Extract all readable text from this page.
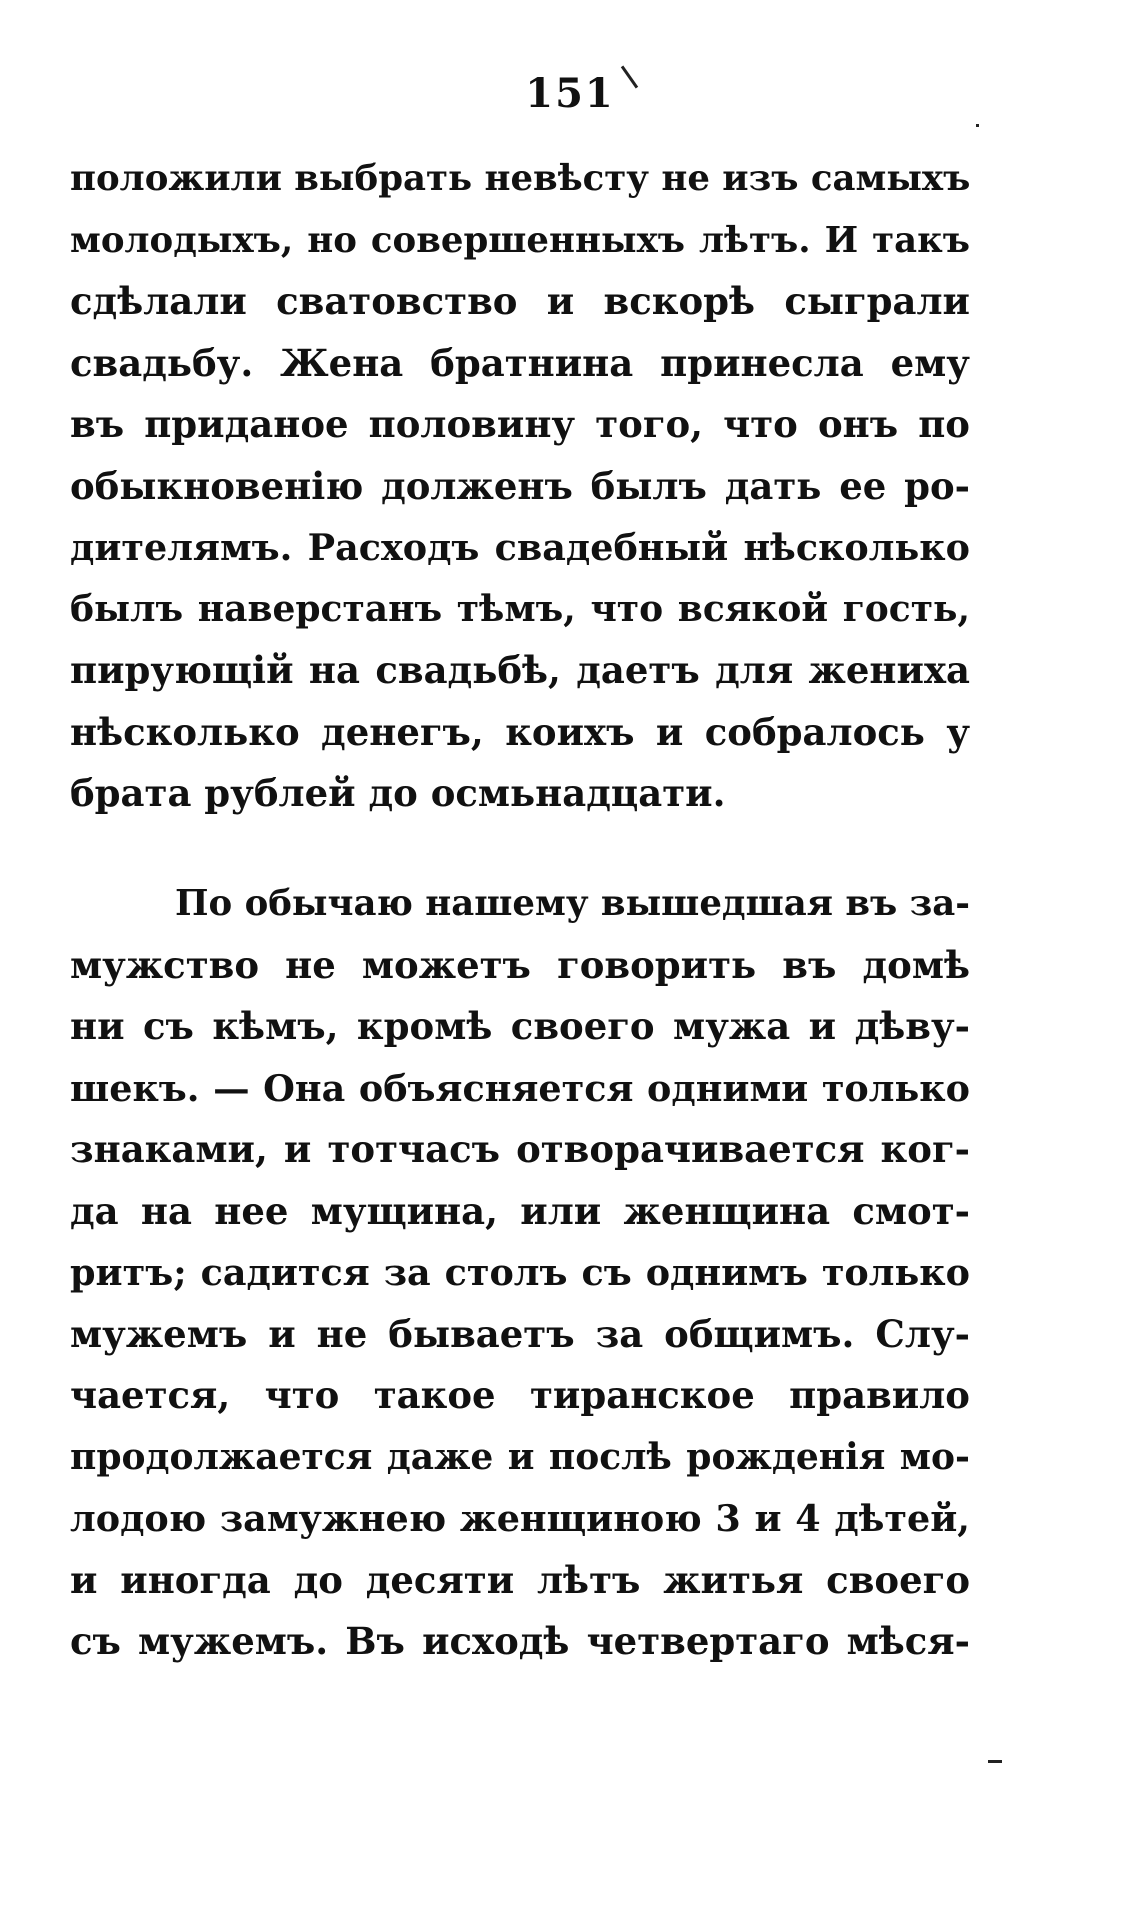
151
положили выбрать невѣсту не изъ самыхъ
молодыхъ, но совершенныхъ лѣтъ. И такъ
сдѣлали сватовство и вскорѣ сыграли
свадьбу. Жена братнина принесла ему
въ приданое половину того, что онъ по
обыкновенію долженъ былъ дать ее ро-
дителямъ. Расходъ свадебный нѣсколько
былъ наверстанъ тѣмъ, что всякой гость,
пирующій на свадьбѣ, даетъ для жениха
нѣсколько денегъ, коихъ и собралось у
брата рублей до осмьнадцати.
По обычаю нашему вышедшая въ за-
мужство не можетъ говорить въ домѣ
ни съ кѣмъ, кромѣ своего мужа и дѣву-
шекъ. — Она объясняется одними только
знаками, и тотчасъ отворачивается ког-
да на нее мущина, или женщина смот-
ритъ; садится за столъ съ однимъ только
мужемъ и не бываетъ за общимъ. Слу-
чается, что такое тиранское правило
продолжается даже и послѣ рожденія мо-
лодою замужнею женщиною 3 и 4 дѣтей,
и иногда до десяти лѣтъ житья своего
съ мужемъ. Въ исходѣ четвертаго мѣся-
